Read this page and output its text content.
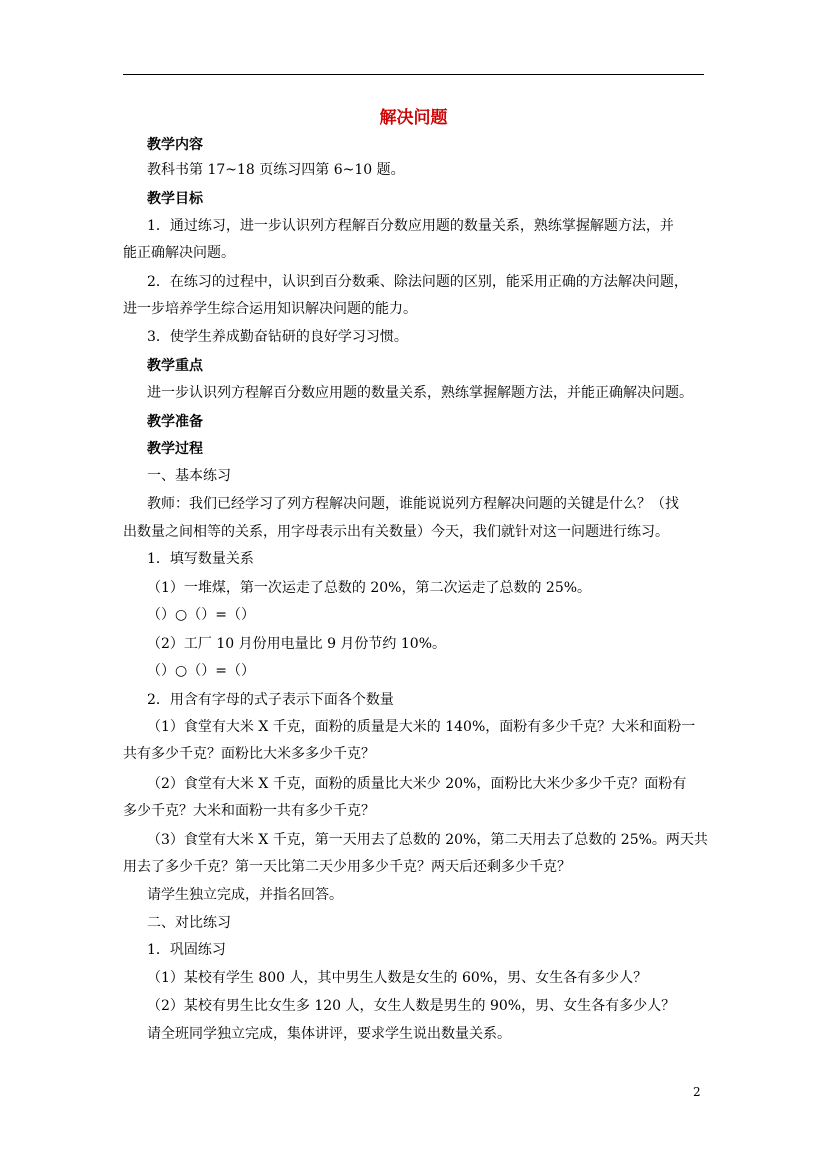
解决问题
教学内容
教科书第 17~18 页练习四第 6~10 题。
教学目标
1．通过练习，进一步认识列方程解百分数应用题的数量关系，熟练掌握解题方法，并
能正确解决问题。
2．在练习的过程中，认识到百分数乘、除法问题的区别，能采用正确的方法解决问题，
进一步培养学生综合运用知识解决问题的能力。
3．使学生养成勤奋钻研的良好学习习惯。
教学重点
进一步认识列方程解百分数应用题的数量关系，熟练掌握解题方法，并能正确解决问题。
教学准备
教学过程
一、基本练习
教师：我们已经学习了列方程解决问题，谁能说说列方程解决问题的关键是什么？（找
出数量之间相等的关系，用字母表示出有关数量）今天，我们就针对这一问题进行练习。
1．填写数量关系
（1）一堆煤，第一次运走了总数的 20%，第二次运走了总数的 25%。
（）○（）=（）
（2）工厂 10 月份用电量比 9 月份节约 10%。
（）○（）=（）
2．用含有字母的式子表示下面各个数量
（1）食堂有大米 X 千克，面粉的质量是大米的 140%，面粉有多少千克？大米和面粉一
共有多少千克？面粉比大米多多少千克？
（2）食堂有大米 X 千克，面粉的质量比大米少 20%，面粉比大米少多少千克？面粉有
多少千克？大米和面粉一共有多少千克？
（3）食堂有大米 X 千克，第一天用去了总数的 20%，第二天用去了总数的 25%。两天共
用去了多少千克？第一天比第二天少用多少千克？两天后还剩多少千克？
请学生独立完成，并指名回答。
二、对比练习
1．巩固练习
（1）某校有学生 800 人，其中男生人数是女生的 60%，男、女生各有多少人？
（2）某校有男生比女生多 120 人，女生人数是男生的 90%，男、女生各有多少人？
请全班同学独立完成，集体讲评，要求学生说出数量关系。
2
